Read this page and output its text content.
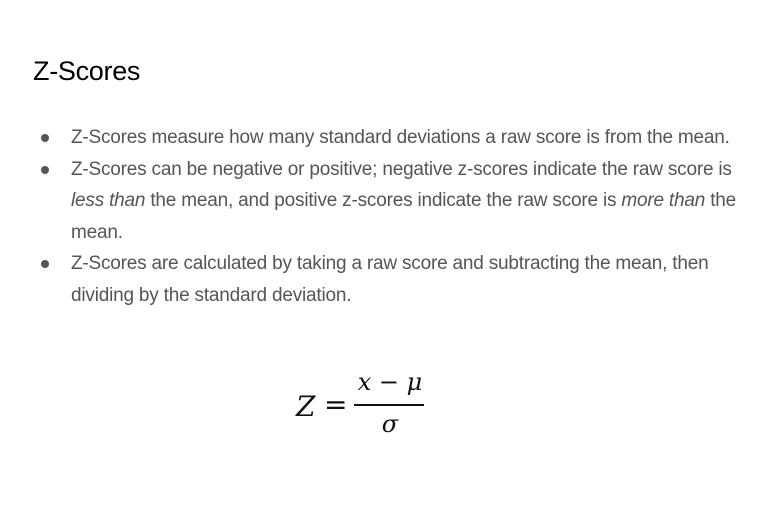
Z-Scores
Z-Scores measure how many standard deviations a raw score is from the mean.
Z-Scores can be negative or positive; negative z-scores indicate the raw score is less than the mean, and positive z-scores indicate the raw score is more than the mean.
Z-Scores are calculated by taking a raw score and subtracting the mean, then dividing by the standard deviation.
Z =
x − μ
σ
